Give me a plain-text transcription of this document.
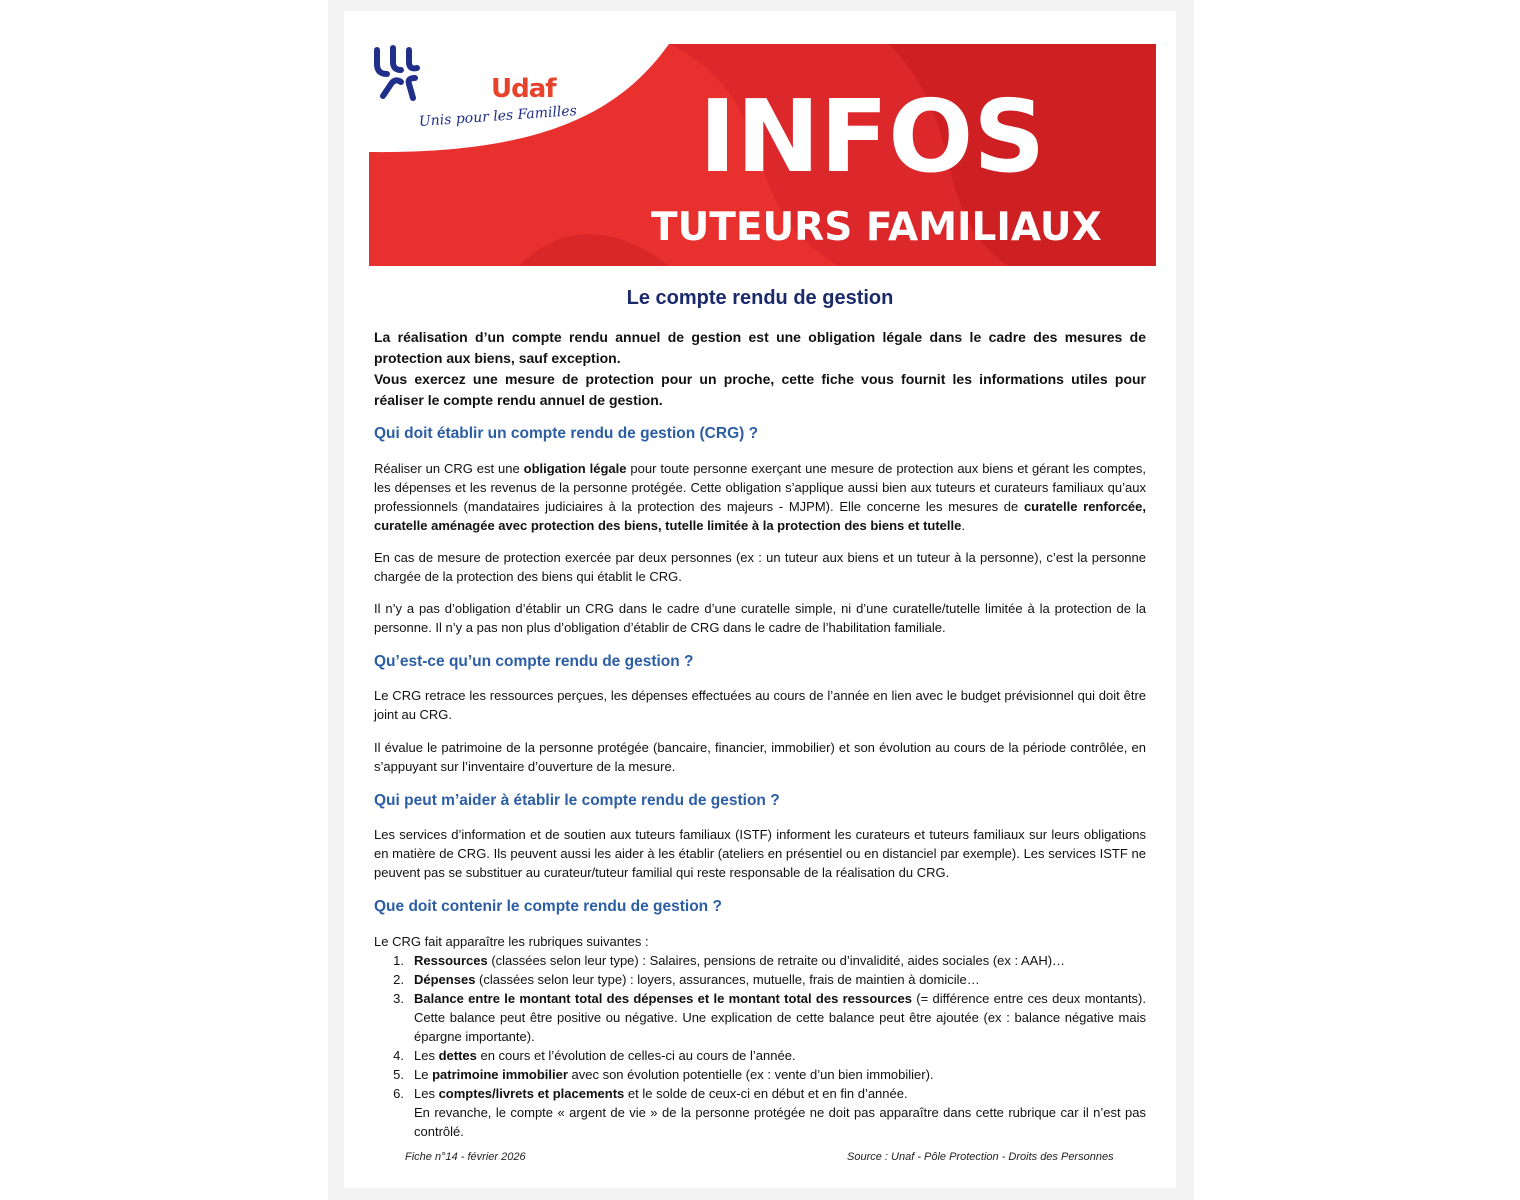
Udaf
Unis pour les Familles INFOS
TUTEURS FAMILIAUX
Le compte rendu de gestion
La réalisation d’un compte rendu annuel de gestion est une obligation légale dans le cadre des mesures de protection aux biens, sauf exception.
Vous exercez une mesure de protection pour un proche, cette fiche vous fournit les informations utiles pour réaliser le compte rendu annuel de gestion.
Qui doit établir un compte rendu de gestion (CRG) ?
Réaliser un CRG est une obligation légale pour toute personne exerçant une mesure de protection aux biens et gérant les comptes, les dépenses et les revenus de la personne protégée. Cette obligation s’applique aussi bien aux tuteurs et curateurs familiaux qu’aux professionnels (mandataires judiciaires à la protection des majeurs - MJPM). Elle concerne les mesures de curatelle renforcée, curatelle aménagée avec protection des biens, tutelle limitée à la protection des biens et tutelle.
En cas de mesure de protection exercée par deux personnes (ex : un tuteur aux biens et un tuteur à la personne), c’est la personne chargée de la protection des biens qui établit le CRG.
Il n’y a pas d’obligation d’établir un CRG dans le cadre d’une curatelle simple, ni d’une curatelle/tutelle limitée à la protection de la personne. Il n’y a pas non plus d’obligation d’établir de CRG dans le cadre de l’habilitation familiale.
Qu’est-ce qu’un compte rendu de gestion ?
Le CRG retrace les ressources perçues, les dépenses effectuées au cours de l’année en lien avec le budget prévisionnel qui doit être joint au CRG.
Il évalue le patrimoine de la personne protégée (bancaire, financier, immobilier) et son évolution au cours de la période contrôlée, en s’appuyant sur l’inventaire d’ouverture de la mesure.
Qui peut m’aider à établir le compte rendu de gestion ?
Les services d’information et de soutien aux tuteurs familiaux (ISTF) informent les curateurs et tuteurs familiaux sur leurs obligations en matière de CRG. Ils peuvent aussi les aider à les établir (ateliers en présentiel ou en distanciel par exemple). Les services ISTF ne peuvent pas se substituer au curateur/tuteur familial qui reste responsable de la réalisation du CRG.
Que doit contenir le compte rendu de gestion ?
Le CRG fait apparaître les rubriques suivantes :
1. Ressources (classées selon leur type) : Salaires, pensions de retraite ou d’invalidité, aides sociales (ex : AAH)…
2. Dépenses (classées selon leur type) : loyers, assurances, mutuelle, frais de maintien à domicile…
3. Balance entre le montant total des dépenses et le montant total des ressources (= différence entre ces deux montants). Cette balance peut être positive ou négative. Une explication de cette balance peut être ajoutée (ex : balance négative mais épargne importante).
4. Les dettes en cours et l’évolution de celles-ci au cours de l’année.
5. Le patrimoine immobilier avec son évolution potentielle (ex : vente d’un bien immobilier).
6. Les comptes/livrets et placements et le solde de ceux-ci en début et en fin d’année.
En revanche, le compte « argent de vie » de la personne protégée ne doit pas apparaître dans cette rubrique car il n’est pas contrôlé.
Fiche n°14 - février 2026	Source : Unaf - Pôle Protection - Droits des Personnes
